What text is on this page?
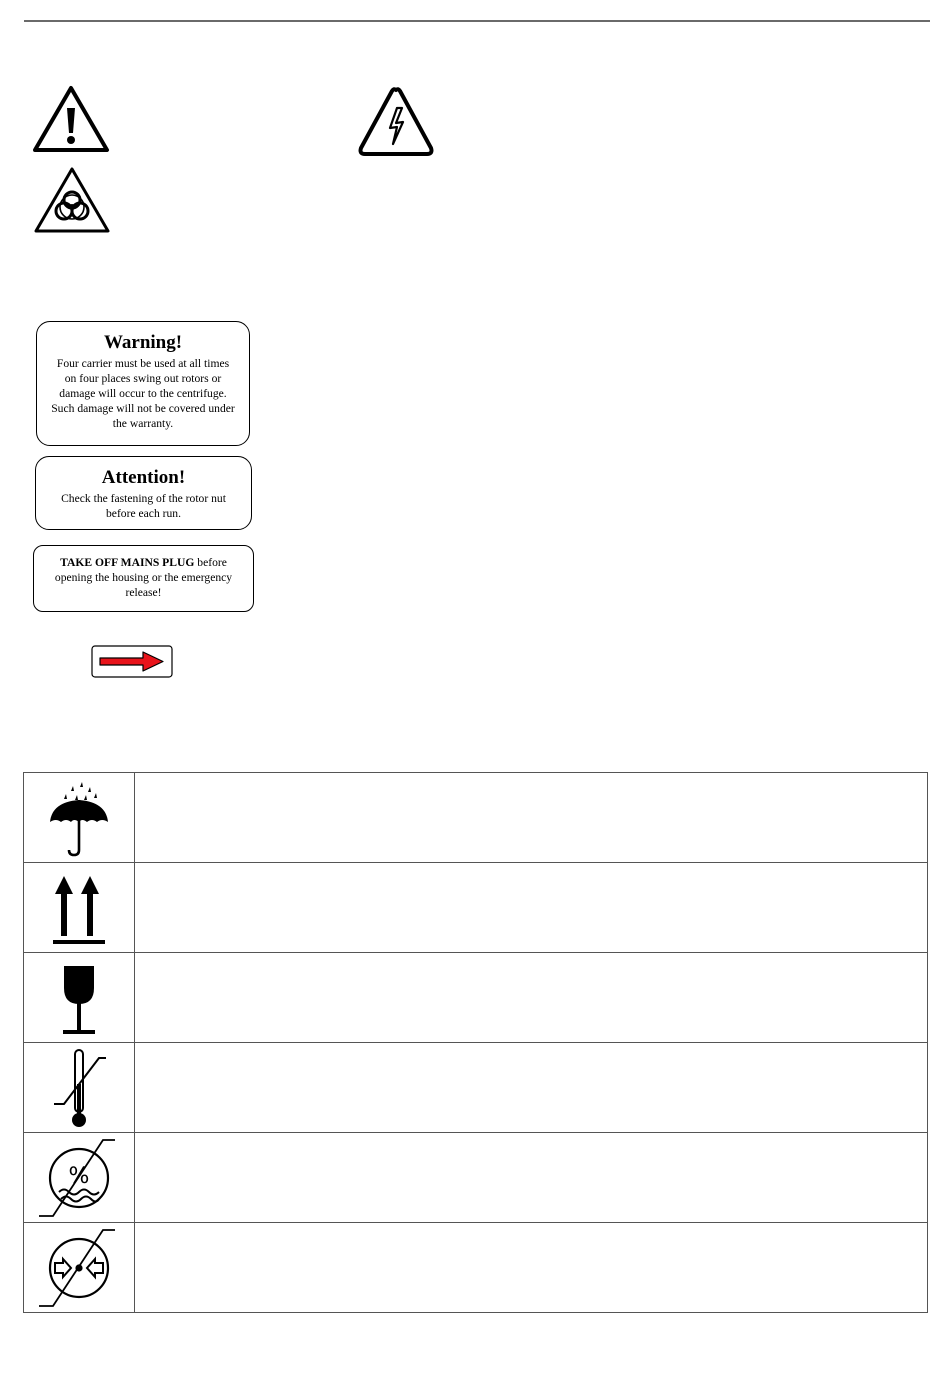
Warning!
Four carrier must be used at all times on four places swing out rotors or damage will occur to the centrifuge. Such damage will not be covered under the warranty.
Attention!
Check the fastening of the rotor nut before each run.
TAKE OFF MAINS PLUG before opening the housing or the emergency release!

%	
